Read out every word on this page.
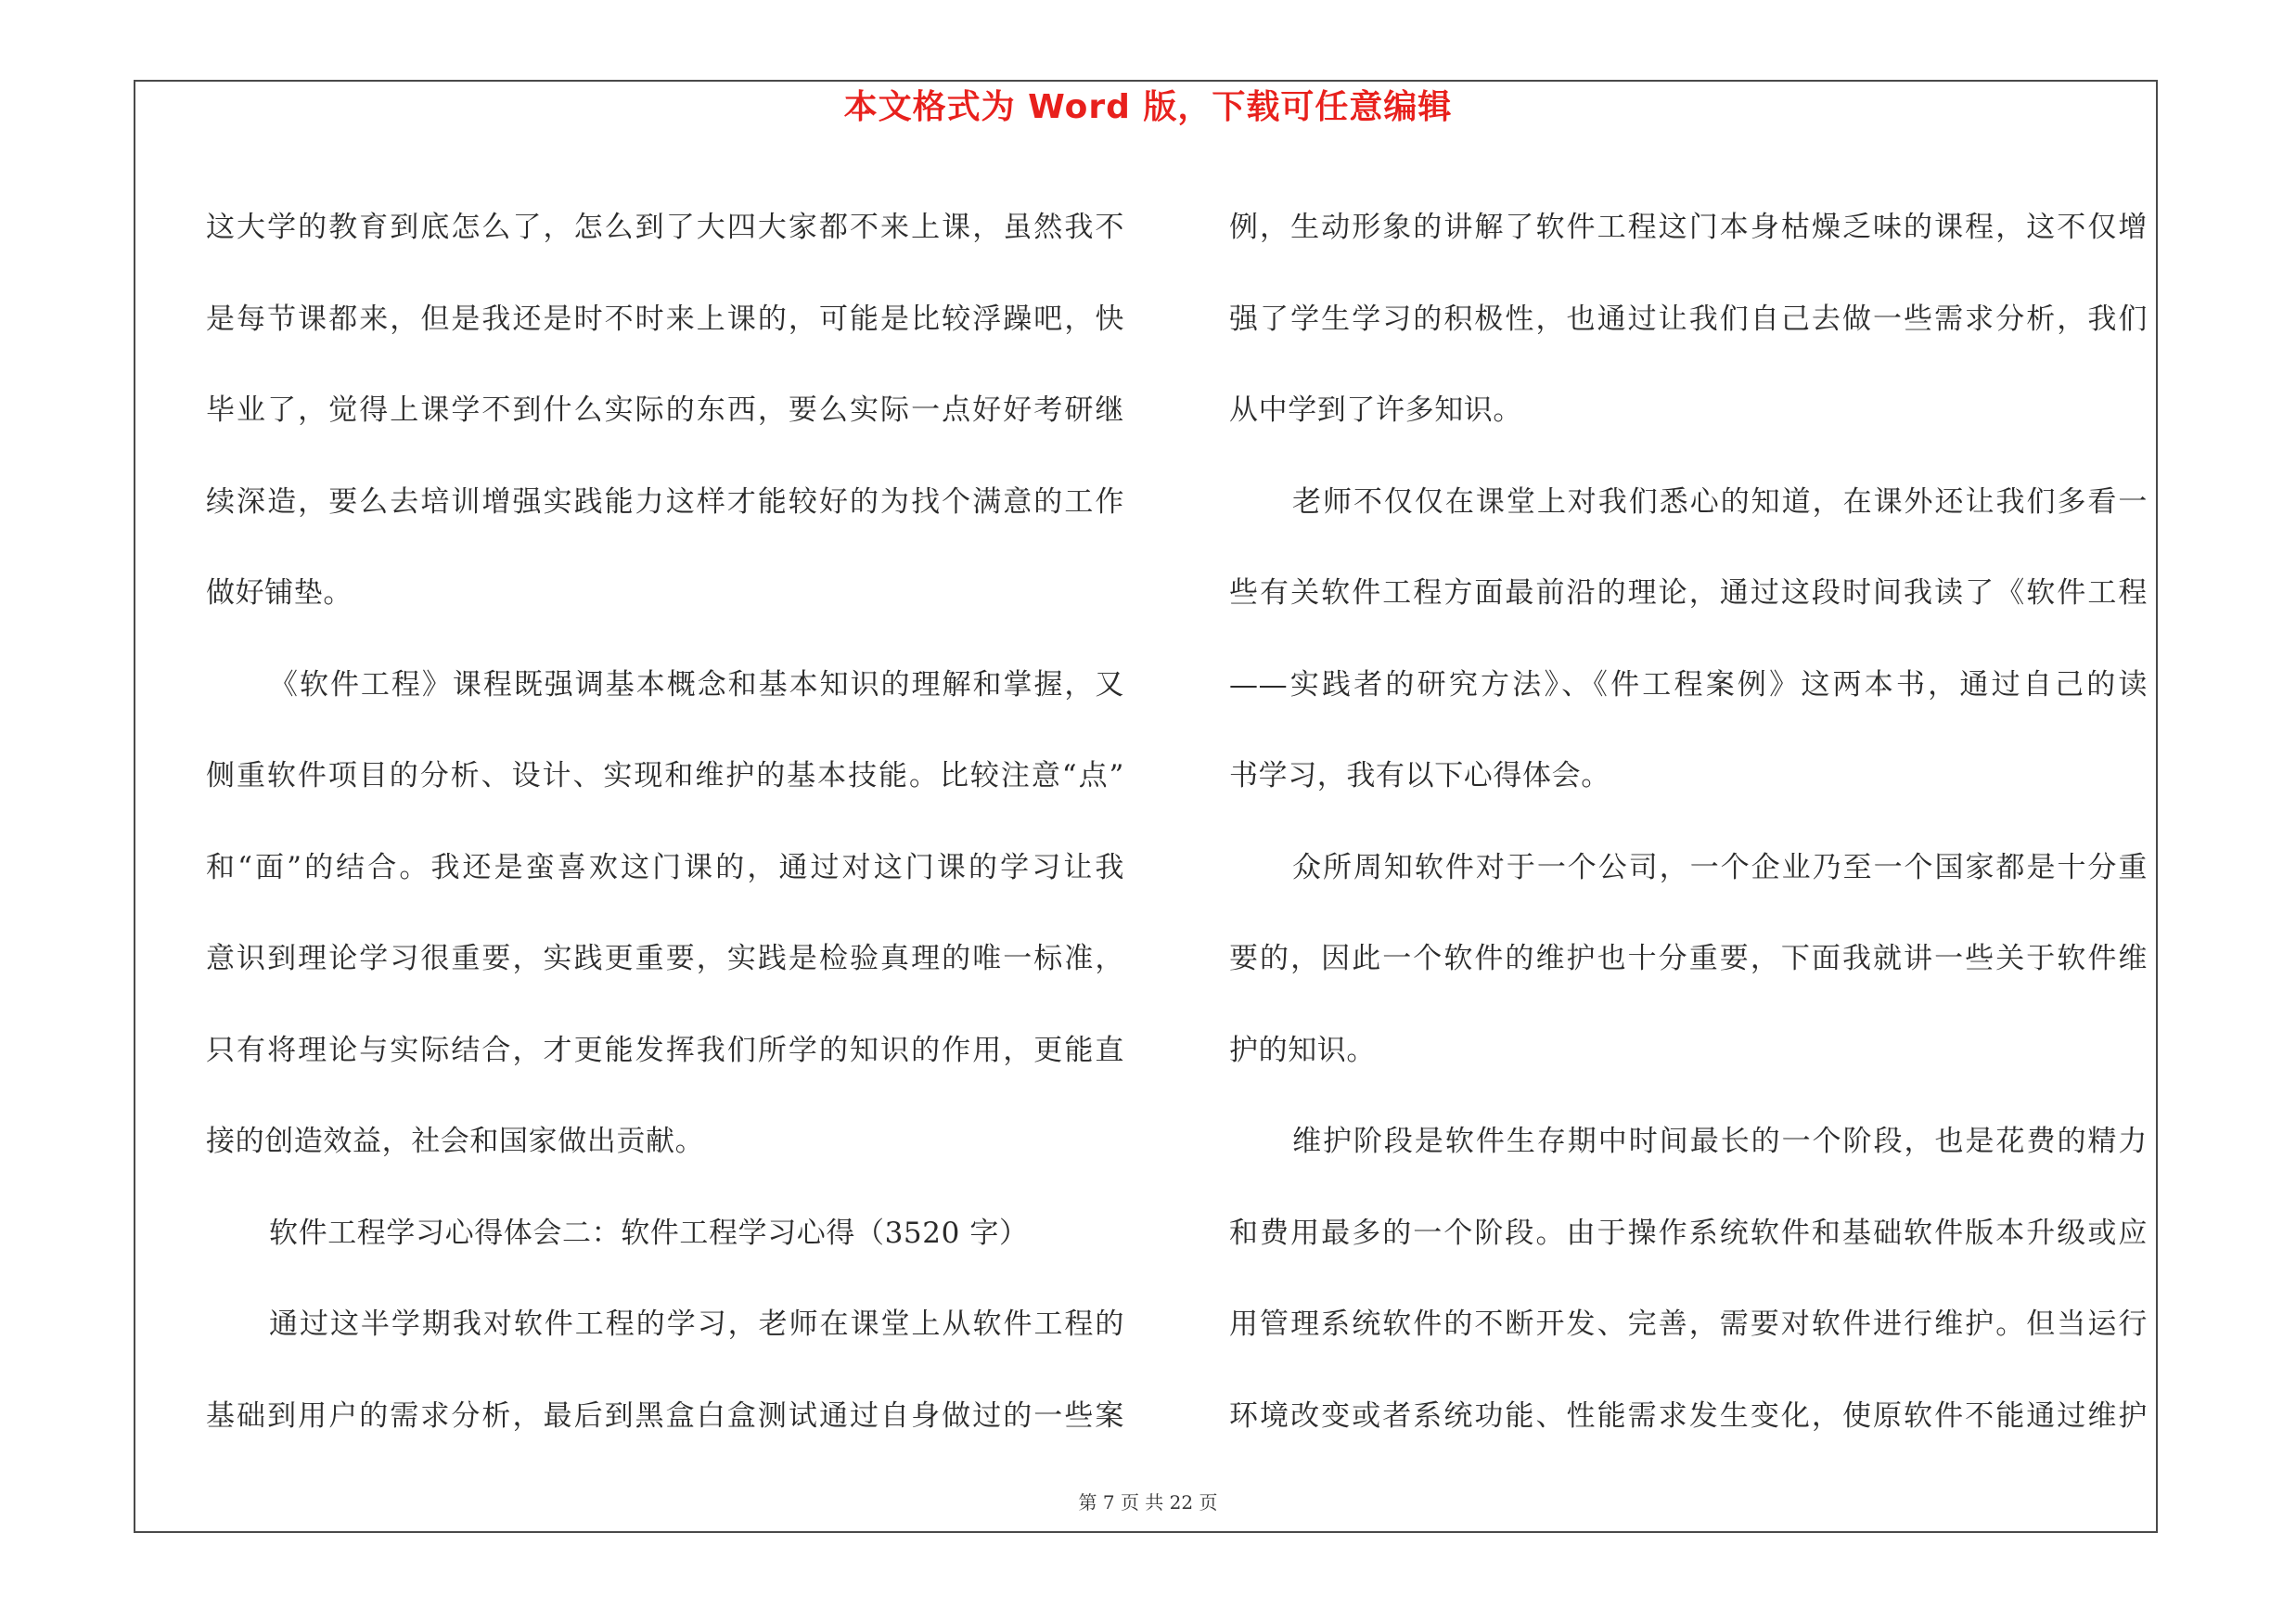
本文格式为 Word 版，下载可任意编辑
这大学的教育到底怎么了，怎么到了大四大家都不来上课，虽然我不
是每节课都来，但是我还是时不时来上课的，可能是比较浮躁吧，快
毕业了，觉得上课学不到什么实际的东西，要么实际一点好好考研继
续深造，要么去培训增强实践能力这样才能较好的为找个满意的工作
做好铺垫。
《软件工程》课程既强调基本概念和基本知识的理解和掌握，又
侧重软件项目的分析、设计、实现和维护的基本技能。比较注意“点”
和“面”的结合。我还是蛮喜欢这门课的，通过对这门课的学习让我
意识到理论学习很重要，实践更重要，实践是检验真理的唯一标准，
只有将理论与实际结合，才更能发挥我们所学的知识的作用，更能直
接的创造效益，社会和国家做出贡献。
软件工程学习心得体会二：软件工程学习心得（3520 字）
通过这半学期我对软件工程的学习，老师在课堂上从软件工程的
基础到用户的需求分析，最后到黑盒白盒测试通过自身做过的一些案
例，生动形象的讲解了软件工程这门本身枯燥乏味的课程，这不仅增
强了学生学习的积极性，也通过让我们自己去做一些需求分析，我们
从中学到了许多知识。
老师不仅仅在课堂上对我们悉心的知道，在课外还让我们多看一
些有关软件工程方面最前沿的理论，通过这段时间我读了《软件工程
——实践者的研究方法》、《件工程案例》这两本书，通过自己的读
书学习，我有以下心得体会。
众所周知软件对于一个公司，一个企业乃至一个国家都是十分重
要的，因此一个软件的维护也十分重要，下面我就讲一些关于软件维
护的知识。
维护阶段是软件生存期中时间最长的一个阶段，也是花费的精力
和费用最多的一个阶段。由于操作系统软件和基础软件版本升级或应
用管理系统软件的不断开发、完善，需要对软件进行维护。但当运行
环境改变或者系统功能、性能需求发生变化，使原软件不能通过维护
第 7 页 共 22 页
